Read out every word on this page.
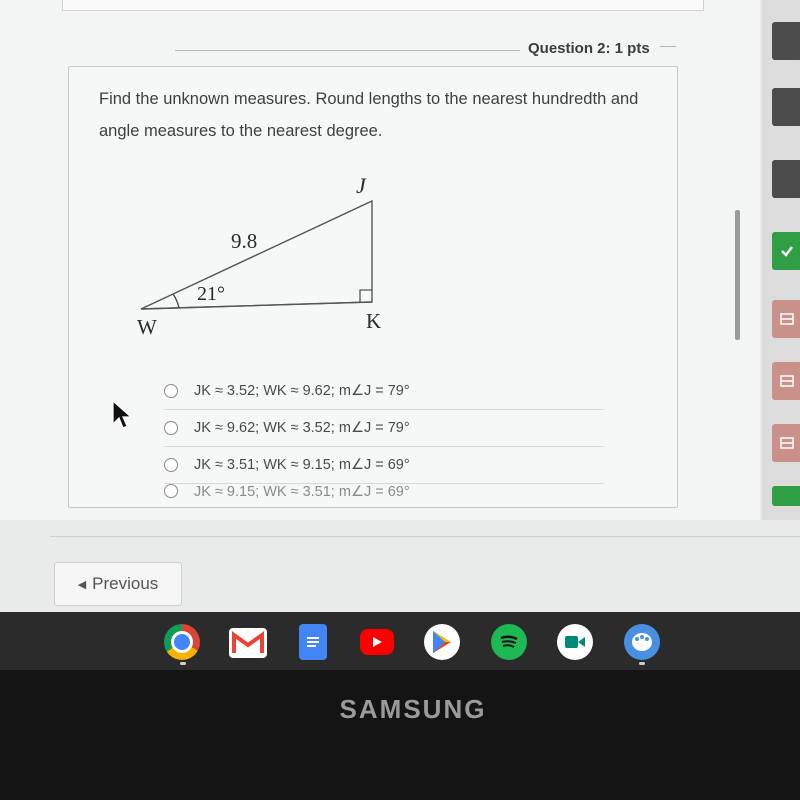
Question 2: 1 pts
Find the unknown measures. Round lengths to the nearest hundredth and angle measures to the nearest degree.
J
W	K
9.8
21°
JK ≈ 3.52; WK ≈ 9.62; m∠J = 79°
JK ≈ 9.62; WK ≈ 3.52; m∠J = 79°
JK ≈ 3.51; WK ≈ 9.15; m∠J = 69°
JK ≈ 9.15; WK ≈ 3.51; m∠J = 69°
◀ Previous
SAMSUNG
